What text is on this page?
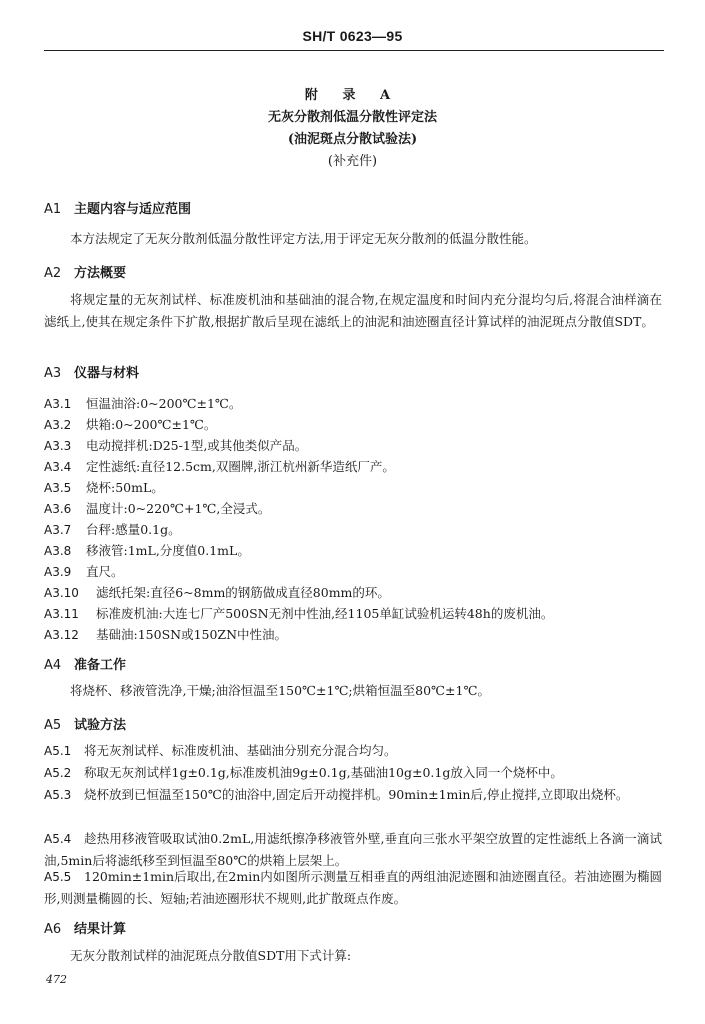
SH/T 0623—95
附 录 A
无灰分散剂低温分散性评定法
(油泥斑点分散试验法)
(补充件)
A1 主题内容与适应范围
本方法规定了无灰分散剂低温分散性评定方法,用于评定无灰分散剂的低温分散性能。
A2 方法概要
将规定量的无灰剂试样、标准废机油和基础油的混合物,在规定温度和时间内充分混均匀后,将混合油样滴在滤纸上,使其在规定条件下扩散,根据扩散后呈现在滤纸上的油泥和油迹圈直径计算试样的油泥斑点分散值SDT。
A3 仪器与材料
A3.1 恒温油浴:0~200℃±1℃。
A3.2 烘箱:0~200℃±1℃。
A3.3 电动搅拌机:D25-1型,或其他类似产品。
A3.4 定性滤纸:直径12.5cm,双圈牌,浙江杭州新华造纸厂产。
A3.5 烧杯:50mL。
A3.6 温度计:0~220℃+1℃,全浸式。
A3.7 台秤:感量0.1g。
A3.8 移液管:1mL,分度值0.1mL。
A3.9 直尺。
A3.10 滤纸托架:直径6~8mm的钢筋做成直径80mm的环。
A3.11 标准废机油:大连七厂产500SN无剂中性油,经1105单缸试验机运转48h的废机油。
A3.12 基础油:150SN或150ZN中性油。
A4 准备工作
将烧杯、移液管洗净,干燥;油浴恒温至150℃±1℃;烘箱恒温至80℃±1℃。
A5 试验方法
A5.1 将无灰剂试样、标准废机油、基础油分别充分混合均匀。
A5.2 称取无灰剂试样1g±0.1g,标准废机油9g±0.1g,基础油10g±0.1g放入同一个烧杯中。
A5.3 烧杯放到已恒温至150℃的油浴中,固定后开动搅拌机。90min±1min后,停止搅拌,立即取出烧杯。
A5.4 趁热用移液管吸取试油0.2mL,用滤纸擦净移液管外壁,垂直向三张水平架空放置的定性滤纸上各滴一滴试油,5min后将滤纸移至到恒温至80℃的烘箱上层架上。
A5.5 120min±1min后取出,在2min内如图所示测量互相垂直的两组油泥迹圈和油迹圈直径。若油迹圈为椭圆形,则测量椭圆的长、短轴;若油迹圈形状不规则,此扩散斑点作废。
A6 结果计算
无灰分散剂试样的油泥斑点分散值SDT用下式计算:
472
